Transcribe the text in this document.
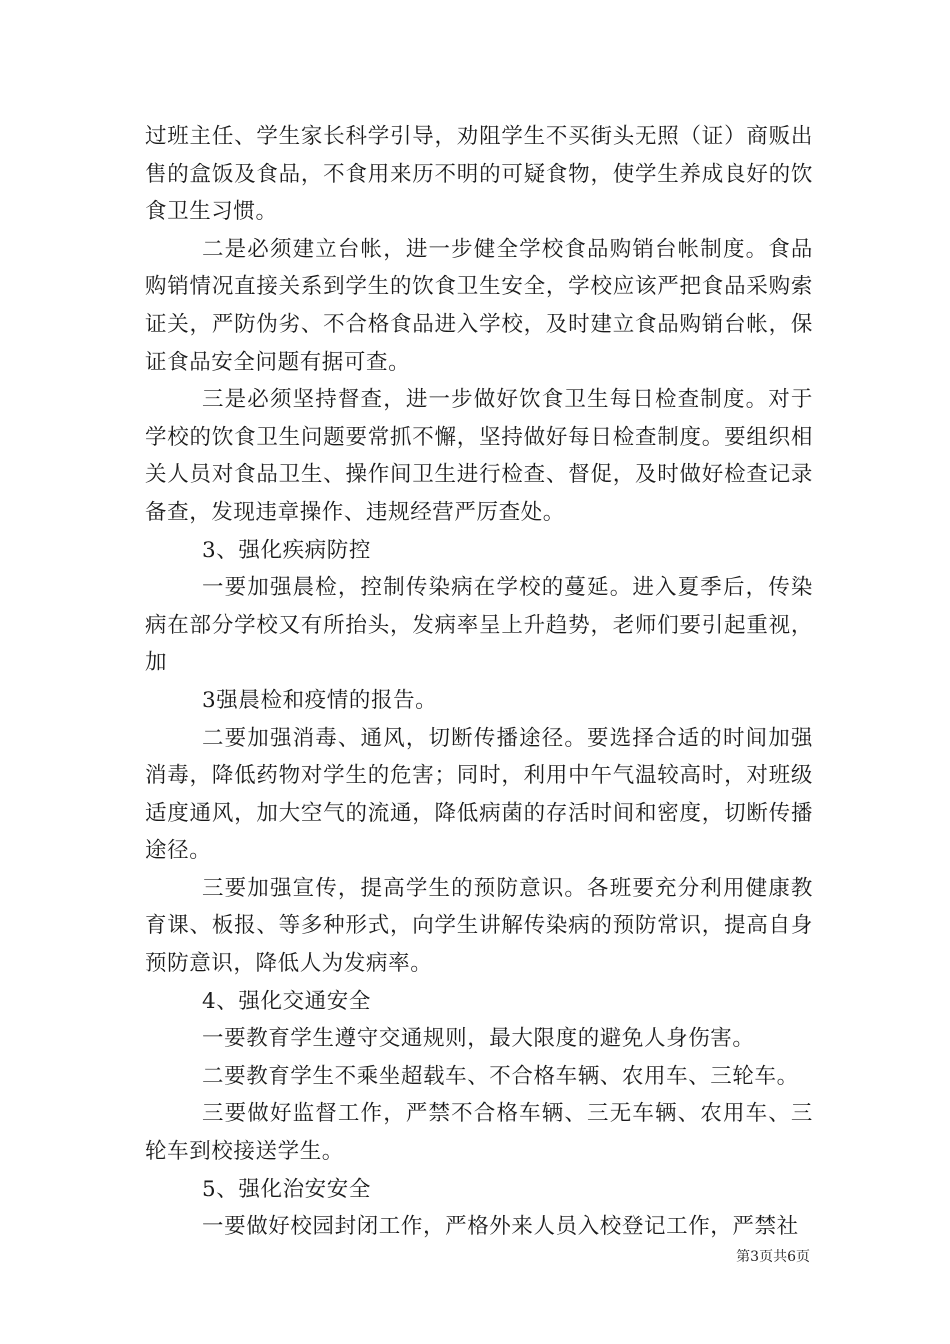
过班主任、学生家长科学引导，劝阻学生不买街头无照（证）商贩出售的盒饭及食品，不食用来历不明的可疑食物，使学生养成良好的饮食卫生习惯。

二是必须建立台帐，进一步健全学校食品购销台帐制度。食品购销情况直接关系到学生的饮食卫生安全，学校应该严把食品采购索证关，严防伪劣、不合格食品进入学校，及时建立食品购销台帐，保证食品安全问题有据可查。

三是必须坚持督查，进一步做好饮食卫生每日检查制度。对于学校的饮食卫生问题要常抓不懈，坚持做好每日检查制度。要组织相关人员对食品卫生、操作间卫生进行检查、督促，及时做好检查记录备查，发现违章操作、违规经营严厉查处。

3、强化疾病防控

一要加强晨检，控制传染病在学校的蔓延。进入夏季后，传染病在部分学校又有所抬头，发病率呈上升趋势，老师们要引起重视，加

3强晨检和疫情的报告。

二要加强消毒、通风，切断传播途径。要选择合适的时间加强消毒，降低药物对学生的危害；同时，利用中午气温较高时，对班级适度通风，加大空气的流通，降低病菌的存活时间和密度，切断传播途径。

三要加强宣传，提高学生的预防意识。各班要充分利用健康教育课、板报、等多种形式，向学生讲解传染病的预防常识，提高自身预防意识，降低人为发病率。

4、强化交通安全

一要教育学生遵守交通规则，最大限度的避免人身伤害。

二要教育学生不乘坐超载车、不合格车辆、农用车、三轮车。

三要做好监督工作，严禁不合格车辆、三无车辆、农用车、三轮车到校接送学生。

5、强化治安安全

一要做好校园封闭工作，严格外来人员入校登记工作，严禁社

第3页共6页
